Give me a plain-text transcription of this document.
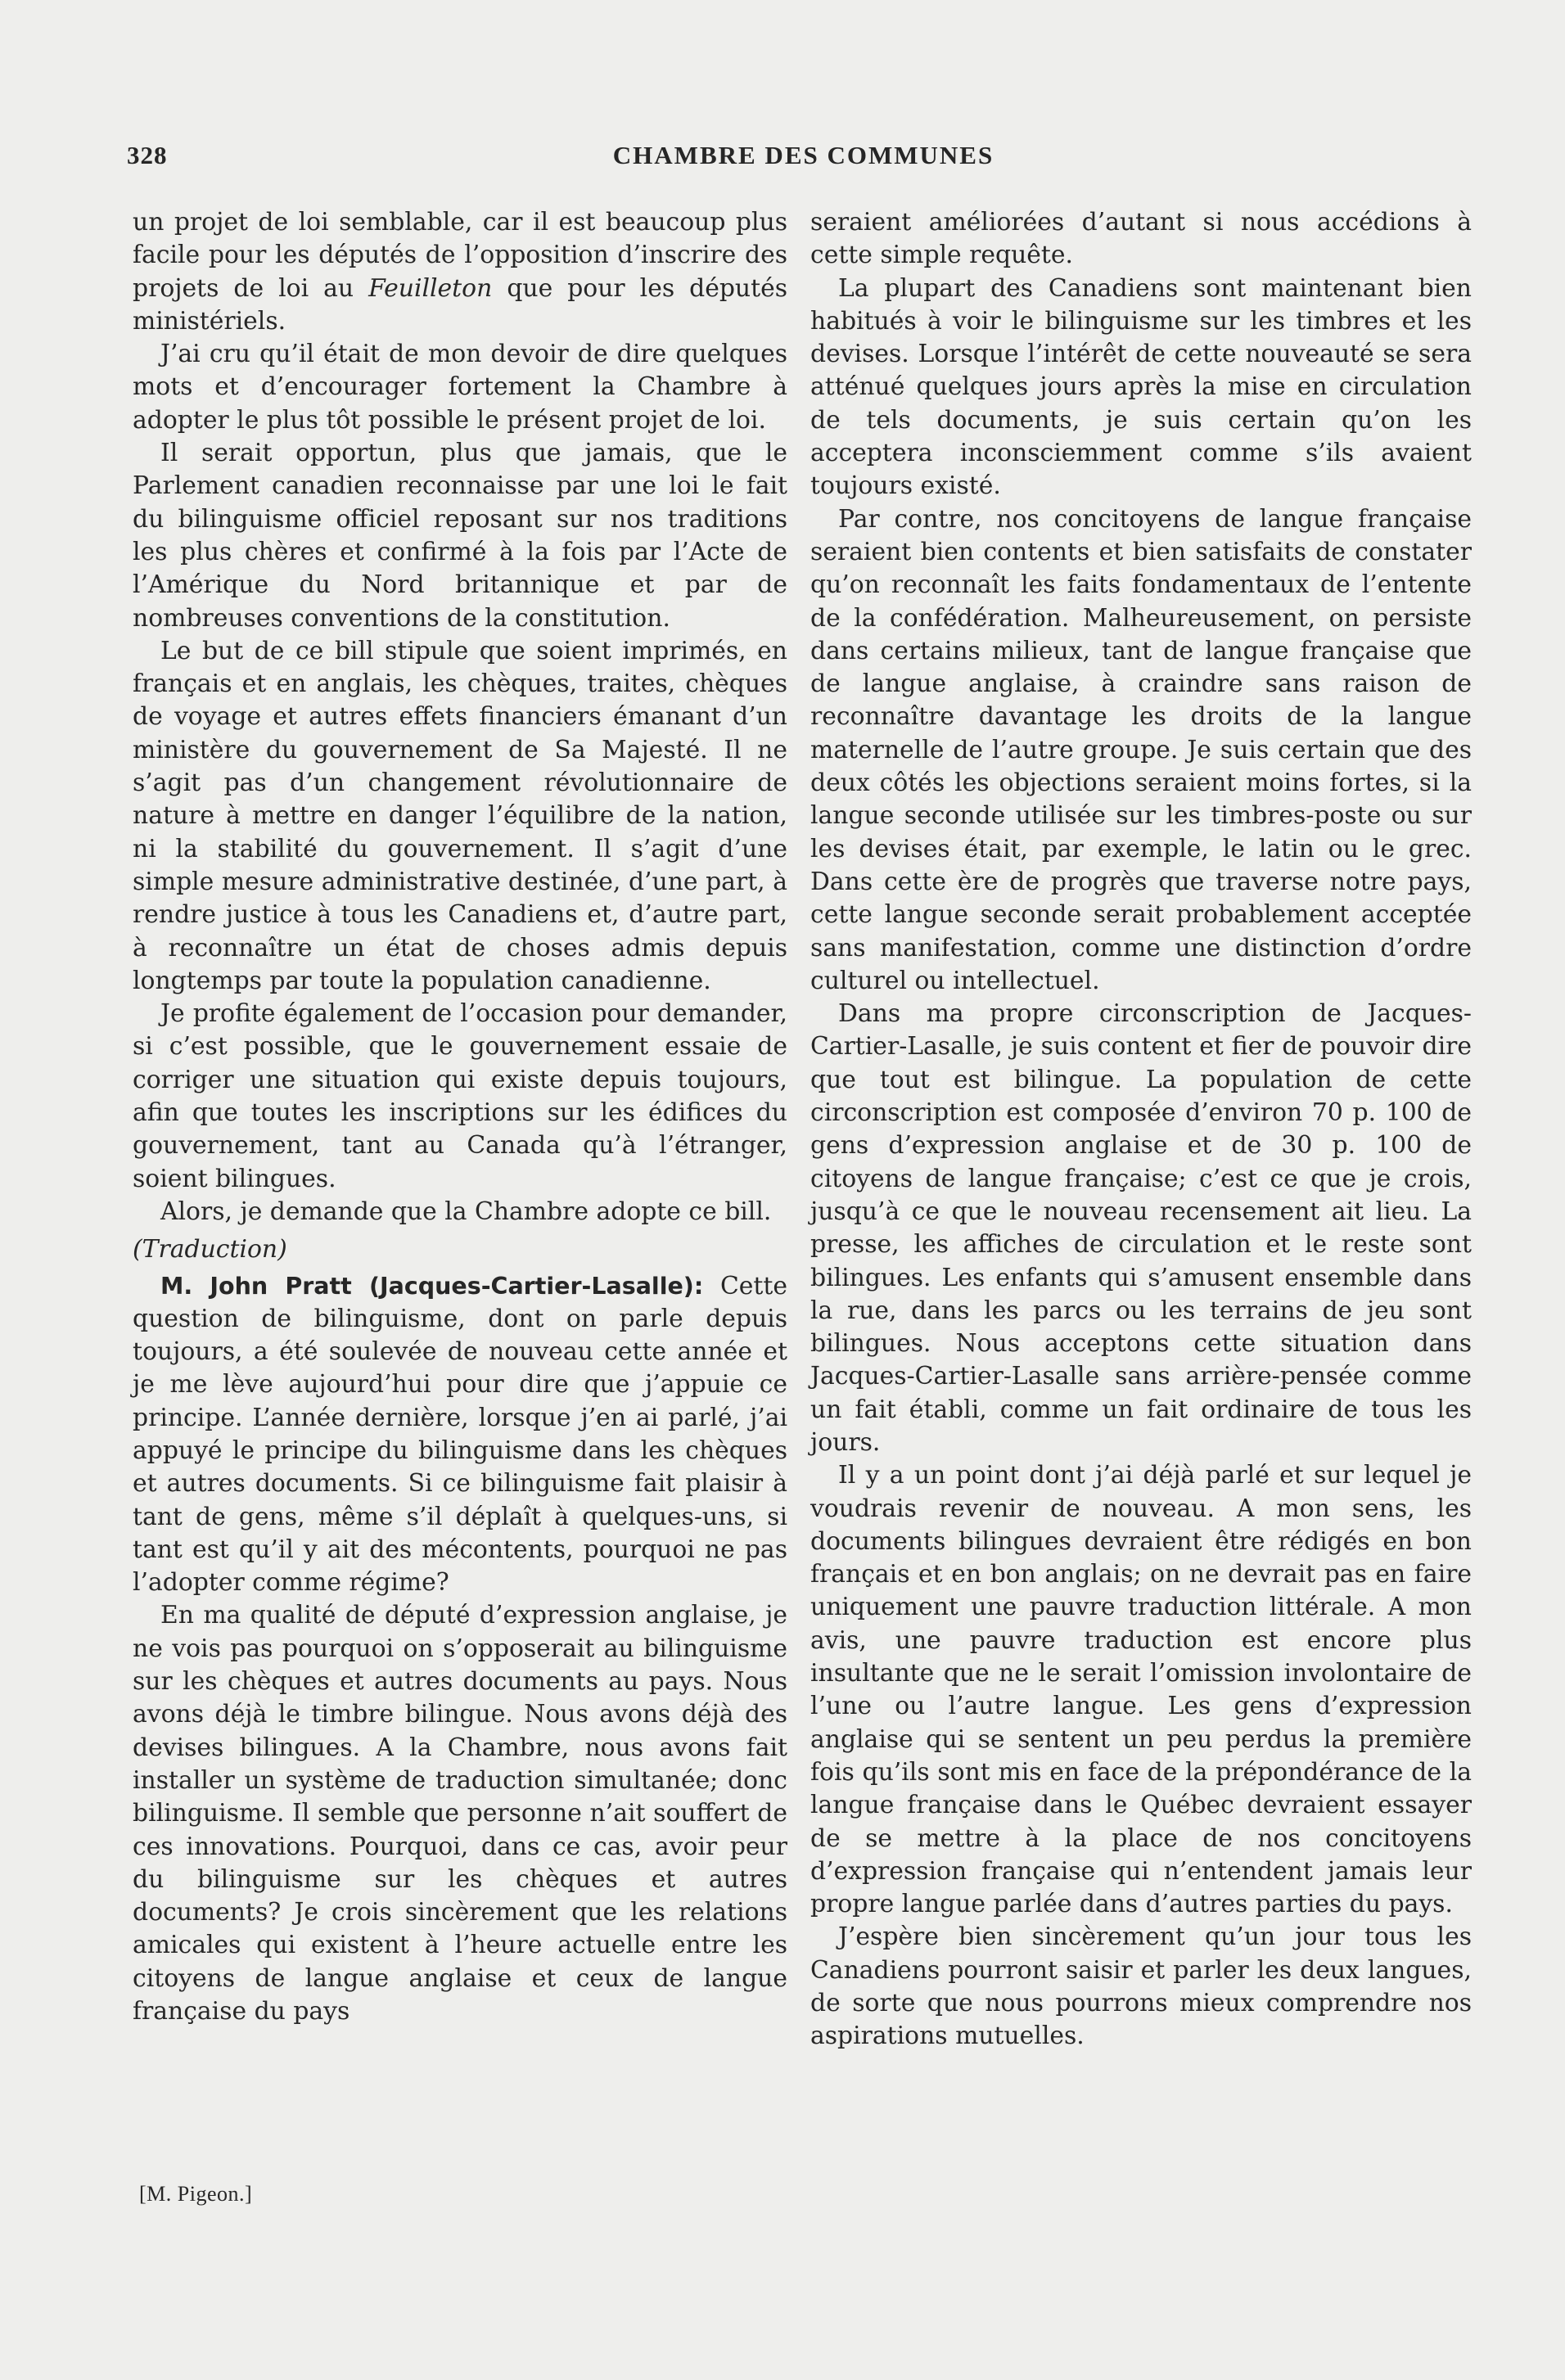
328	CHAMBRE DES COMMUNES

un projet de loi semblable, car il est beaucoup plus facile pour les députés de l’opposition d’inscrire des projets de loi au Feuilleton que pour les députés ministériels.

J’ai cru qu’il était de mon devoir de dire quelques mots et d’encourager fortement la Chambre à adopter le plus tôt possible le présent projet de loi.

Il serait opportun, plus que jamais, que le Parlement canadien reconnaisse par une loi le fait du bilinguisme officiel reposant sur nos traditions les plus chères et confirmé à la fois par l’Acte de l’Amérique du Nord britannique et par de nombreuses conventions de la constitution.

Le but de ce bill stipule que soient imprimés, en français et en anglais, les chèques, traites, chèques de voyage et autres effets financiers émanant d’un ministère du gouvernement de Sa Majesté. Il ne s’agit pas d’un changement révolutionnaire de nature à mettre en danger l’équilibre de la nation, ni la stabilité du gouvernement. Il s’agit d’une simple mesure administrative destinée, d’une part, à rendre justice à tous les Canadiens et, d’autre part, à reconnaître un état de choses admis depuis longtemps par toute la population canadienne.

Je profite également de l’occasion pour demander, si c’est possible, que le gouvernement essaie de corriger une situation qui existe depuis toujours, afin que toutes les inscriptions sur les édifices du gouvernement, tant au Canada qu’à l’étranger, soient bilingues.

Alors, je demande que la Chambre adopte ce bill.

(Traduction)

M. John Pratt (Jacques-Cartier-Lasalle): Cette question de bilinguisme, dont on parle depuis toujours, a été soulevée de nouveau cette année et je me lève aujourd’hui pour dire que j’appuie ce principe. L’année dernière, lorsque j’en ai parlé, j’ai appuyé le principe du bilinguisme dans les chèques et autres documents. Si ce bilinguisme fait plaisir à tant de gens, même s’il déplaît à quelques-uns, si tant est qu’il y ait des mécontents, pourquoi ne pas l’adopter comme régime?

En ma qualité de député d’expression anglaise, je ne vois pas pourquoi on s’opposerait au bilinguisme sur les chèques et autres documents au pays. Nous avons déjà le timbre bilingue. Nous avons déjà des devises bilingues. A la Chambre, nous avons fait installer un système de traduction simultanée; donc bilinguisme. Il semble que personne n’ait souffert de ces innovations. Pourquoi, dans ce cas, avoir peur du bilinguisme sur les chèques et autres documents? Je crois sincèrement que les relations amicales qui existent à l’heure actuelle entre les citoyens de langue anglaise et ceux de langue française du pays

seraient améliorées d’autant si nous accédions à cette simple requête.

La plupart des Canadiens sont maintenant bien habitués à voir le bilinguisme sur les timbres et les devises. Lorsque l’intérêt de cette nouveauté se sera atténué quelques jours après la mise en circulation de tels documents, je suis certain qu’on les acceptera inconsciemment comme s’ils avaient toujours existé.

Par contre, nos concitoyens de langue française seraient bien contents et bien satisfaits de constater qu’on reconnaît les faits fondamentaux de l’entente de la confédération. Malheureusement, on persiste dans certains milieux, tant de langue française que de langue anglaise, à craindre sans raison de reconnaître davantage les droits de la langue maternelle de l’autre groupe. Je suis certain que des deux côtés les objections seraient moins fortes, si la langue seconde utilisée sur les timbres-poste ou sur les devises était, par exemple, le latin ou le grec. Dans cette ère de progrès que traverse notre pays, cette langue seconde serait probablement acceptée sans manifestation, comme une distinction d’ordre culturel ou intellectuel.

Dans ma propre circonscription de Jacques-Cartier-Lasalle, je suis content et fier de pouvoir dire que tout est bilingue. La population de cette circonscription est composée d’environ 70 p. 100 de gens d’expression anglaise et de 30 p. 100 de citoyens de langue française; c’est ce que je crois, jusqu’à ce que le nouveau recensement ait lieu. La presse, les affiches de circulation et le reste sont bilingues. Les enfants qui s’amusent ensemble dans la rue, dans les parcs ou les terrains de jeu sont bilingues. Nous acceptons cette situation dans Jacques-Cartier-Lasalle sans arrière-pensée comme un fait établi, comme un fait ordinaire de tous les jours.

Il y a un point dont j’ai déjà parlé et sur lequel je voudrais revenir de nouveau. A mon sens, les documents bilingues devraient être rédigés en bon français et en bon anglais; on ne devrait pas en faire uniquement une pauvre traduction littérale. A mon avis, une pauvre traduction est encore plus insultante que ne le serait l’omission involontaire de l’une ou l’autre langue. Les gens d’expression anglaise qui se sentent un peu perdus la première fois qu’ils sont mis en face de la prépondérance de la langue française dans le Québec devraient essayer de se mettre à la place de nos concitoyens d’expression française qui n’entendent jamais leur propre langue parlée dans d’autres parties du pays.

J’espère bien sincèrement qu’un jour tous les Canadiens pourront saisir et parler les deux langues, de sorte que nous pourrons mieux comprendre nos aspirations mutuelles.

[M. Pigeon.]
